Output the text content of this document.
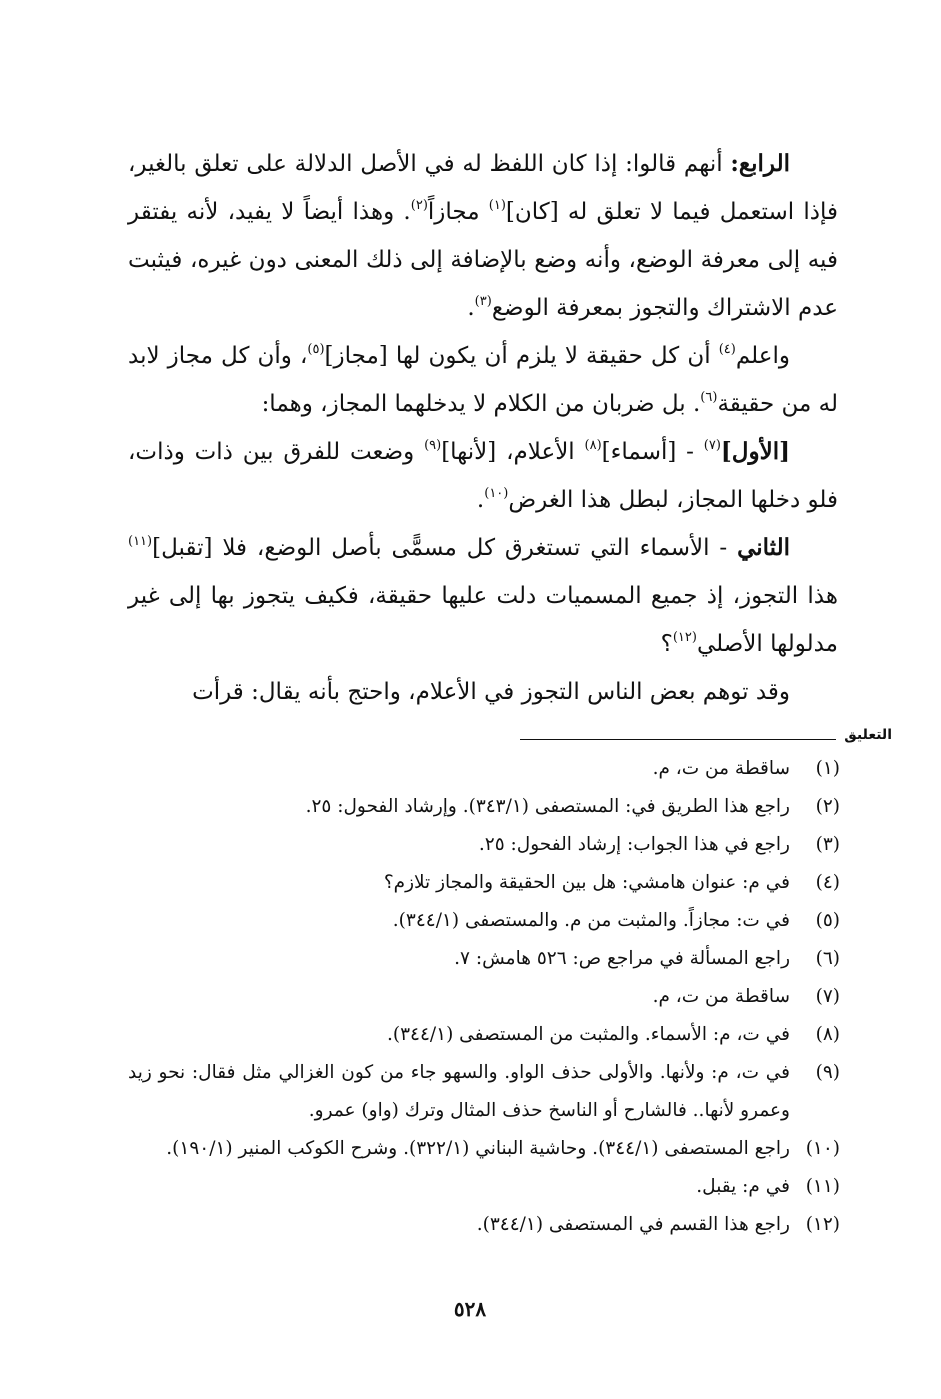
الرابع: أنهم قالوا: إذا كان اللفظ له في الأصل الدلالة على تعلق بالغير، فإذا استعمل فيما لا تعلق له [كان]$^{(١)}$ مجازاً$^{(٢)}$. وهذا أيضاً لا يفيد، لأنه يفتقر فيه إلى معرفة الوضع، وأنه وضع بالإضافة إلى ذلك المعنى دون غيره، فيثبت عدم الاشتراك والتجوز بمعرفة الوضع$^{(٣)}$.

واعلم$^{(٤)}$ أن كل حقيقة لا يلزم أن يكون لها [مجاز]$^{(٥)}$، وأن كل مجاز لابد له من حقيقة$^{(٦)}$. بل ضربان من الكلام لا يدخلهما المجاز، وهما:

[الأول]$^{(٧)}$ - [أسماء]$^{(٨)}$ الأعلام، [لأنها]$^{(٩)}$ وضعت للفرق بين ذات وذات، فلو دخلها المجاز، لبطل هذا الغرض$^{(١٠)}$.

الثاني - الأسماء التي تستغرق كل مسمًّى بأصل الوضع، فلا [تقبل]$^{(١١)}$ هذا التجوز، إذ جميع المسميات دلت عليها حقيقة، فكيف يتجوز بها إلى غير مدلولها الأصلي$^{(١٢)}$؟

وقد توهم بعض الناس التجوز في الأعلام، واحتج بأنه يقال: قرأت

التعليق
(١)
ساقطة من ت، م.
(٢)
راجع هذا الطريق في: المستصفى (٣٤٣/١). وإرشاد الفحول: ٢٥.
(٣)
راجع في هذا الجواب: إرشاد الفحول: ٢٥.
(٤)
في م: عنوان هامشي: هل بين الحقيقة والمجاز تلازم؟
(٥)
في ت: مجازاً. والمثبت من م. والمستصفى (٣٤٤/١).
(٦)
راجع المسألة في مراجع ص: ٥٢٦ هامش: ٧.
(٧)
ساقطة من ت، م.
(٨)
في ت، م: الأسماء. والمثبت من المستصفى (٣٤٤/١).
(٩)
في ت، م: ولأنها. والأولى حذف الواو. والسهو جاء من كون الغزالي مثل فقال: نحو زيد وعمرو لأنها.. فالشارح أو الناسخ حذف المثال وترك (واو) عمرو.
(١٠)
راجع المستصفى (٣٤٤/١). وحاشية البناني (٣٢٢/١). وشرح الكوكب المنير (١٩٠/١).
(١١)
في م: يقبل.
(١٢)
راجع هذا القسم في المستصفى (٣٤٤/١).
٥٢٨
